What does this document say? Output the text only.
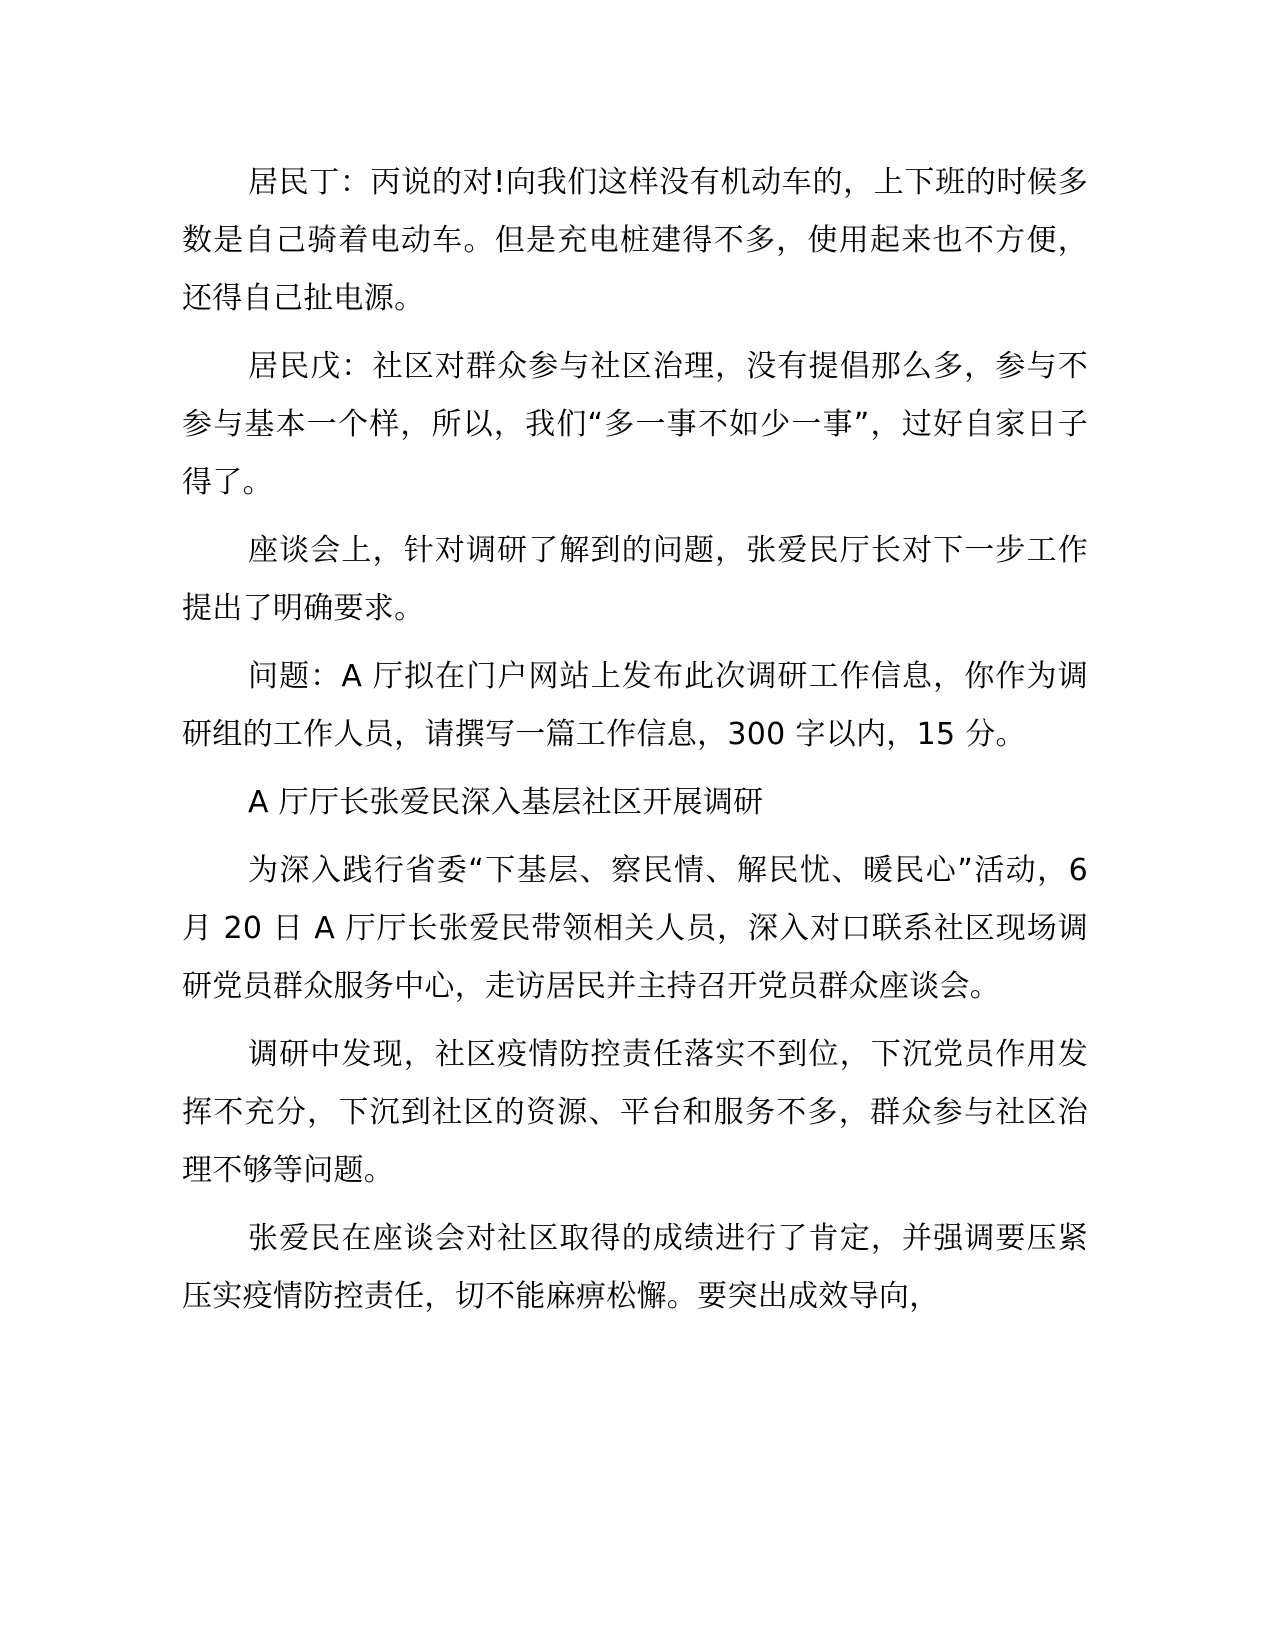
居民丁：丙说的对!向我们这样没有机动车的，上下班的时候多数是自己骑着电动车。但是充电桩建得不多，使用起来也不方便，还得自己扯电源。

居民戊：社区对群众参与社区治理，没有提倡那么多，参与不参与基本一个样，所以，我们“多一事不如少一事”，过好自家日子得了。

座谈会上，针对调研了解到的问题，张爱民厅长对下一步工作提出了明确要求。

问题：A 厅拟在门户网站上发布此次调研工作信息，你作为调研组的工作人员，请撰写一篇工作信息，300 字以内，15 分。

A 厅厅长张爱民深入基层社区开展调研

为深入践行省委“下基层、察民情、解民忧、暖民心”活动，6 月 20 日 A 厅厅长张爱民带领相关人员，深入对口联系社区现场调研党员群众服务中心，走访居民并主持召开党员群众座谈会。

调研中发现，社区疫情防控责任落实不到位，下沉党员作用发挥不充分，下沉到社区的资源、平台和服务不多，群众参与社区治理不够等问题。

张爱民在座谈会对社区取得的成绩进行了肯定，并强调要压紧压实疫情防控责任，切不能麻痹松懈。要突出成效导向，
